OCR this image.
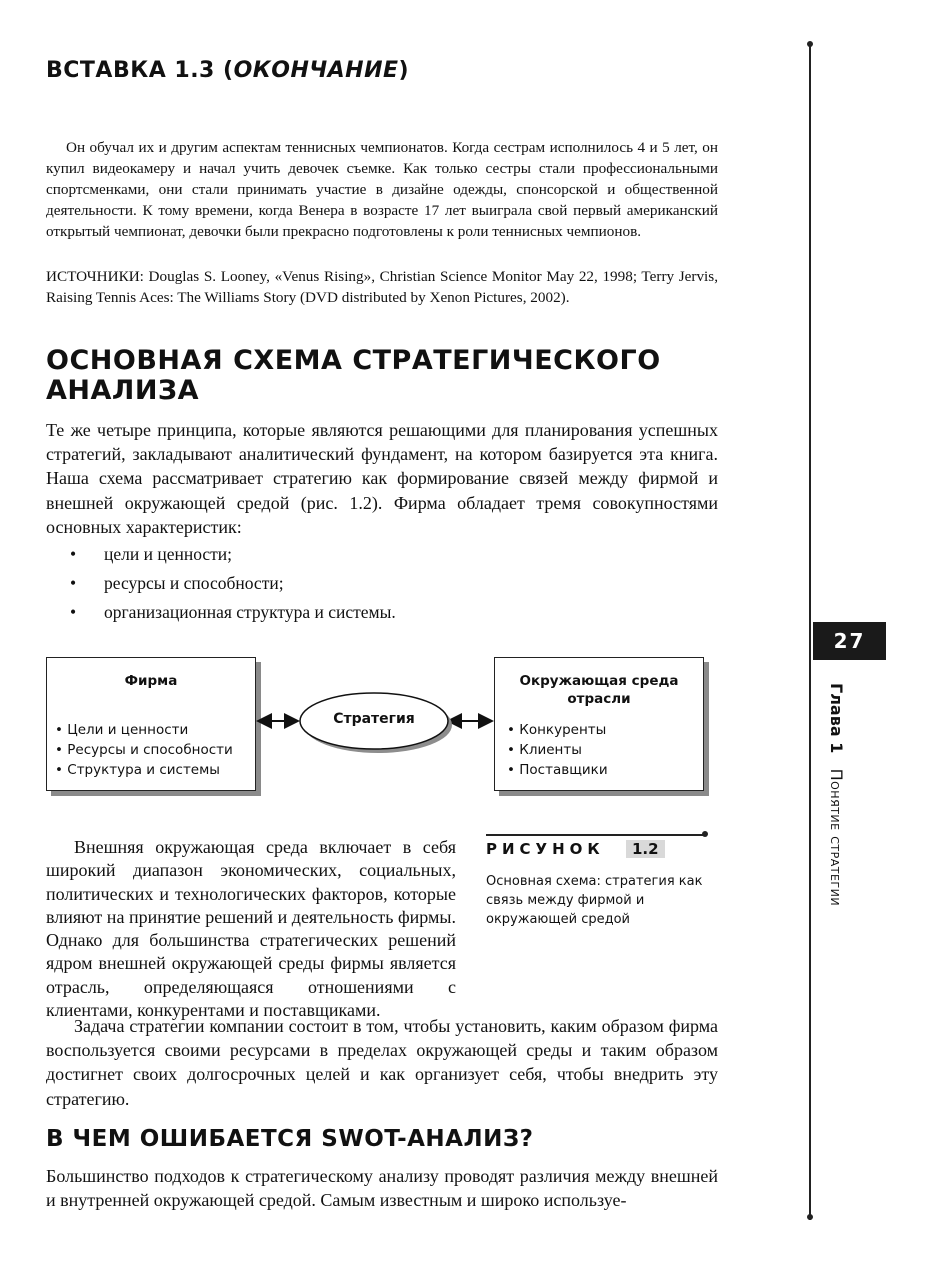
27
Глава 1   Понятие стратегии
ВСТАВКА 1.3 (ОКОНЧАНИЕ)
Он обучал их и другим аспектам теннисных чемпионатов. Когда сестрам исполнилось 4 и 5 лет, он купил видеокамеру и начал учить девочек съемке. Как только сестры стали профессиональными спортсменками, они стали принимать участие в дизайне одежды, спонсорской и общественной деятельности. К тому времени, когда Венера в возрасте 17 лет выиграла свой первый американский открытый чемпионат, девочки были прекрасно подготовлены к роли теннисных чемпионов.
ИСТОЧНИКИ: Douglas S. Looney, «Venus Rising», Christian Science Monitor May 22, 1998; Terry Jervis, Raising Tennis Aces: The Williams Story (DVD distributed by Xenon Pictures, 2002).
ОСНОВНАЯ СХЕМА СТРАТЕГИЧЕСКОГО АНАЛИЗА
Те же четыре принципа, которые являются решающими для планирования успешных стратегий, закладывают аналитический фундамент, на котором базируется эта книга. Наша схема рассматривает стратегию как формирование связей между фирмой и внешней окружающей средой (рис. 1.2). Фирма обладает тремя совокупностями основных характеристик:
• цели и ценности;
• ресурсы и способности;
• организационная структура и системы.
Фирма
• Цели и ценности
• Ресурсы и способности
• Структура и системы
Окружающая среда отрасли
• Конкуренты
• Клиенты
• Поставщики
Стратегия
РИСУНОК	1.2
Основная схема: стратегия как связь между фирмой и окружающей средой
Внешняя окружающая среда включает в себя широкий диапазон экономических, социальных, политических и технологических факторов, которые влияют на принятие решений и деятельность фирмы. Однако для большинства стратегических решений ядром внешней окружающей среды фирмы является отрасль, определяющаяся отношениями с клиентами, конкурентами и поставщиками.
Задача стратегии компании состоит в том, чтобы установить, каким образом фирма воспользуется своими ресурсами в пределах окружающей среды и таким образом достигнет своих долгосрочных целей и как организует себя, чтобы внедрить эту стратегию.
В ЧЕМ ОШИБАЕТСЯ SWOT-АНАЛИЗ?
Большинство подходов к стратегическому анализу проводят различия между внешней и внутренней окружающей средой. Самым известным и широко используе-
